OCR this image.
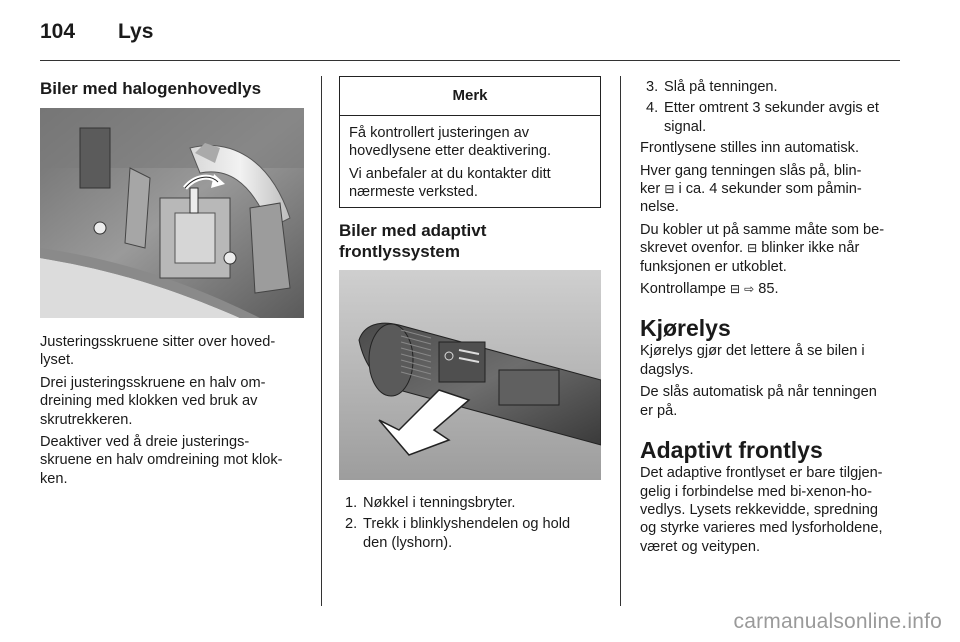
104 Lys
Biler med halogenhovedlys
Justeringsskruene sitter over hoved-
lyset.
Drei justeringsskruene en halv om-
dreining med klokken ved bruk av
skrutrekkeren.
Deaktiver ved å dreie justerings-
skruene en halv omdreining mot klok-
ken.
Merk
Få kontrollert justeringen av
hovedlysene etter deaktivering.
Vi anbefaler at du kontakter ditt
nærmeste verksted.
Biler med adaptivt
frontlyssystem
1. Nøkkel i tenningsbryter.
2. Trekk i blinklyshendelen og hold
den (lyshorn).
3. Slå på tenningen.
4. Etter omtrent 3 sekunder avgis et
signal.
Frontlysene stilles inn automatisk.
Hver gang tenningen slås på, blin-
ker ⊟ i ca. 4 sekunder som påmin-
nelse.
Du kobler ut på samme måte som be-
skrevet ovenfor. ⊟ blinker ikke når
funksjonen er utkoblet.
Kontrollampe ⊟ ⇨ 85.
Kjørelys
Kjørelys gjør det lettere å se bilen i
dagslys.
De slås automatisk på når tenningen
er på.
Adaptivt frontlys
Det adaptive frontlyset er bare tilgjen-
gelig i forbindelse med bi-xenon-ho-
vedlys. Lysets rekkevidde, spredning
og styrke varieres med lysforholdene,
været og veitypen.
carmanualsonline.info
